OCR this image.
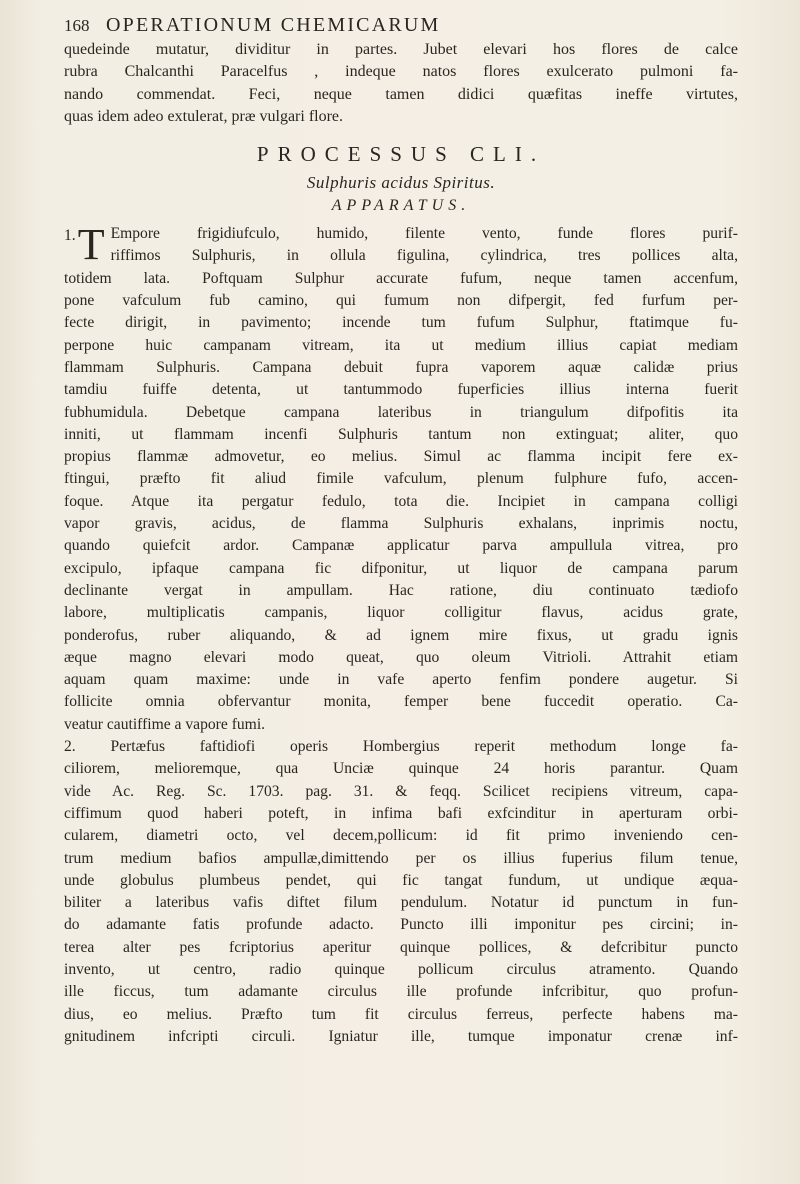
168 OPERATIONUM CHEMICARUM
quedeinde mutatur, dividitur in partes. Jubet elevari hos flores de calce
rubra Chalcanthi Paracelfus , indeque natos flores exulcerato pulmoni fa-
nando commendat. Feci, neque tamen didici quæfitas ineffe virtutes,
quas idem adeo extulerat, præ vulgari flore.
PROCESSUS CLI.
Sulphuris acidus Spiritus.
APPARATUS.
1. T Empore frigidiufculo, humido, filente vento, funde flores purif-
riffimos Sulphuris, in ollula figulina, cylindrica, tres pollices alta,
totidem lata. Poftquam Sulphur accurate fufum, neque tamen accenfum,
pone vafculum fub camino, qui fumum non difpergit, fed furfum per-
fecte dirigit, in pavimento; incende tum fufum Sulphur, ftatimque fu-
perpone huic campanam vitream, ita ut medium illius capiat mediam
flammam Sulphuris. Campana debuit fupra vaporem aquæ calidæ prius
tamdiu fuiffe detenta, ut tantummodo fuperficies illius interna fuerit
fubhumidula. Debetque campana lateribus in triangulum difpofitis ita
inniti, ut flammam incenfi Sulphuris tantum non extinguat; aliter, quo
propius flammæ admovetur, eo melius. Simul ac flamma incipit fere ex-
ftingui, præfto fit aliud fimile vafculum, plenum fulphure fufo, accen-
foque. Atque ita pergatur fedulo, tota die. Incipiet in campana colligi
vapor gravis, acidus, de flamma Sulphuris exhalans, inprimis noctu,
quando quiefcit ardor. Campanæ applicatur parva ampullula vitrea, pro
excipulo, ipfaque campana fic difponitur, ut liquor de campana parum
declinante vergat in ampullam. Hac ratione, diu continuato tædiofo
labore, multiplicatis campanis, liquor colligitur flavus, acidus grate,
ponderofus, ruber aliquando, & ad ignem mire fixus, ut gradu ignis
æque magno elevari modo queat, quo oleum Vitrioli. Attrahit etiam
aquam quam maxime: unde in vafe aperto fenfim pondere augetur. Si
follicite omnia obfervantur monita, femper bene fuccedit operatio. Ca-
veatur cautiffime a vapore fumi.
2. Pertæfus faftidiofi operis Hombergius reperit methodum longe fa-
ciliorem, melioremque, qua Unciæ quinque 24 horis parantur. Quam
vide Ac. Reg. Sc. 1703. pag. 31. & feqq. Scilicet recipiens vitreum, capa-
ciffimum quod haberi poteft, in infima bafi exfcinditur in aperturam orbi-
cularem, diametri octo, vel decem,pollicum: id fit primo inveniendo cen-
trum medium bafios ampullæ,dimittendo per os illius fuperius filum tenue,
unde globulus plumbeus pendet, qui fic tangat fundum, ut undique æqua-
biliter a lateribus vafis diftet filum pendulum. Notatur id punctum in fun-
do adamante fatis profunde adacto. Puncto illi imponitur pes circini; in-
terea alter pes fcriptorius aperitur quinque pollices, & defcribitur puncto
invento, ut centro, radio quinque pollicum circulus atramento. Quando
ille ficcus, tum adamante circulus ille profunde infcribitur, quo profun-
dius, eo melius. Præfto tum fit circulus ferreus, perfecte habens ma-
gnitudinem infcripti circuli. Igniatur ille, tumque imponatur crenæ inf-
